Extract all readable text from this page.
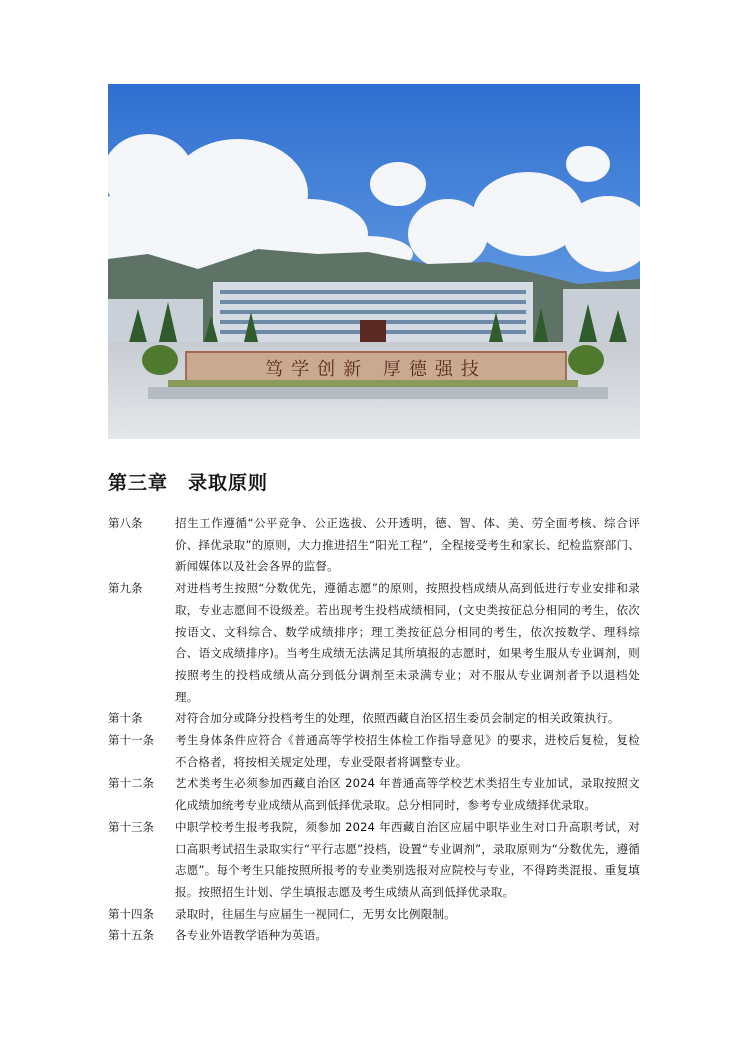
笃学创新 厚德强技
第三章　录取原则
第八条	招生工作遵循“公平竞争、公正选拔、公开透明，德、智、体、美、劳全面考核、综合评价、择优录取”的原则，大力推进招生“阳光工程”，全程接受考生和家长、纪检监察部门、新闻媒体以及社会各界的监督。
第九条	对进档考生按照“分数优先，遵循志愿”的原则，按照投档成绩从高到低进行专业安排和录取，专业志愿间不设级差。若出现考生投档成绩相同，(文史类按征总分相同的考生，依次按语文、文科综合、数学成绩排序；理工类按征总分相同的考生，依次按数学、理科综合、语文成绩排序)。当考生成绩无法满足其所填报的志愿时，如果考生服从专业调剂，则按照考生的投档成绩从高分到低分调剂至未录满专业；对不服从专业调剂者予以退档处理。
第十条	对符合加分或降分投档考生的处理，依照西藏自治区招生委员会制定的相关政策执行。
第十一条	考生身体条件应符合《普通高等学校招生体检工作指导意见》的要求，进校后复检，复检不合格者，将按相关规定处理，专业受限者将调整专业。
第十二条	艺术类考生必须参加西藏自治区 2024 年普通高等学校艺术类招生专业加试，录取按照文化成绩加统考专业成绩从高到低择优录取。总分相同时，参考专业成绩择优录取。
第十三条	中职学校考生报考我院，须参加 2024 年西藏自治区应届中职毕业生对口升高职考试，对口高职考试招生录取实行“平行志愿”投档，设置“专业调剂”，录取原则为“分数优先，遵循志愿”。每个考生只能按照所报考的专业类别选报对应院校与专业，不得跨类混报、重复填报。按照招生计划、学生填报志愿及考生成绩从高到低择优录取。
第十四条	录取时，往届生与应届生一视同仁，无男女比例限制。
第十五条	各专业外语教学语种为英语。
